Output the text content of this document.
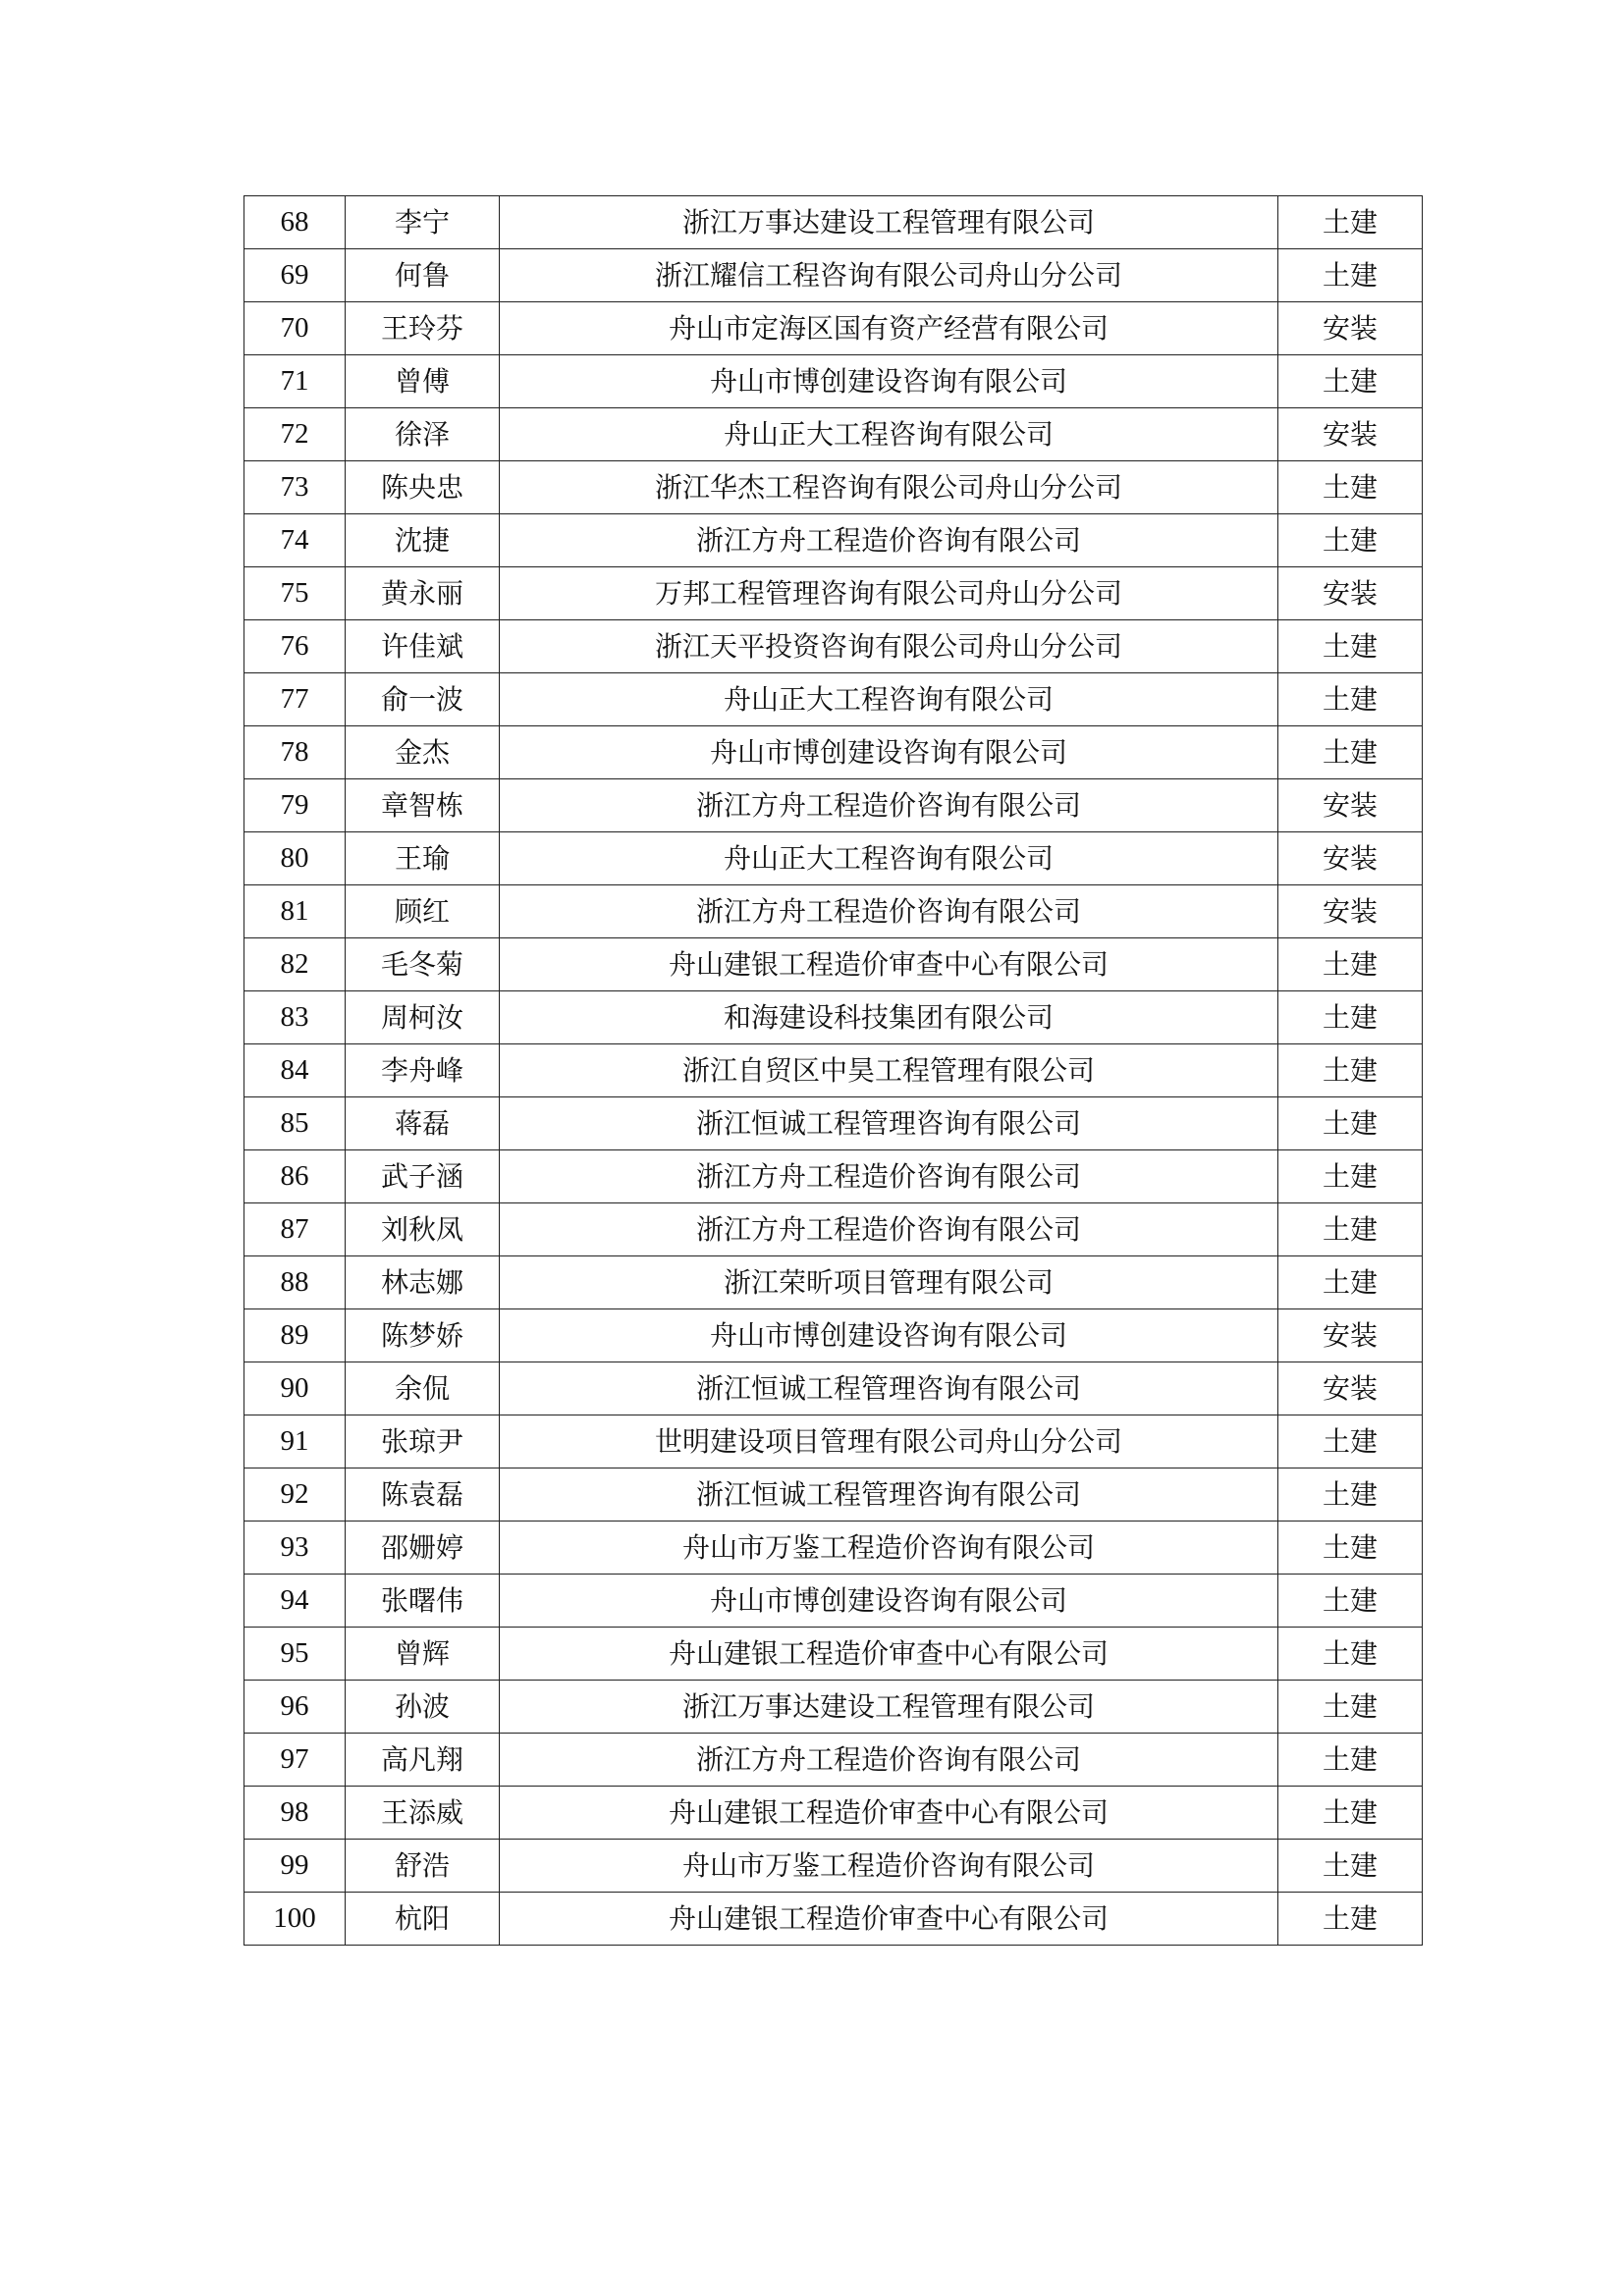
68	李宁	浙江万事达建设工程管理有限公司	土建
69	何鲁	浙江耀信工程咨询有限公司舟山分公司	土建
70	王玲芬	舟山市定海区国有资产经营有限公司	安装
71	曾傅	舟山市博创建设咨询有限公司	土建
72	徐泽	舟山正大工程咨询有限公司	安装
73	陈央忠	浙江华杰工程咨询有限公司舟山分公司	土建
74	沈捷	浙江方舟工程造价咨询有限公司	土建
75	黄永丽	万邦工程管理咨询有限公司舟山分公司	安装
76	许佳斌	浙江天平投资咨询有限公司舟山分公司	土建
77	俞一波	舟山正大工程咨询有限公司	土建
78	金杰	舟山市博创建设咨询有限公司	土建
79	章智栋	浙江方舟工程造价咨询有限公司	安装
80	王瑜	舟山正大工程咨询有限公司	安装
81	顾红	浙江方舟工程造价咨询有限公司	安装
82	毛冬菊	舟山建银工程造价审查中心有限公司	土建
83	周柯汝	和海建设科技集团有限公司	土建
84	李舟峰	浙江自贸区中昊工程管理有限公司	土建
85	蒋磊	浙江恒诚工程管理咨询有限公司	土建
86	武子涵	浙江方舟工程造价咨询有限公司	土建
87	刘秋凤	浙江方舟工程造价咨询有限公司	土建
88	林志娜	浙江荣昕项目管理有限公司	土建
89	陈梦娇	舟山市博创建设咨询有限公司	安装
90	余侃	浙江恒诚工程管理咨询有限公司	安装
91	张琼尹	世明建设项目管理有限公司舟山分公司	土建
92	陈袁磊	浙江恒诚工程管理咨询有限公司	土建
93	邵姗婷	舟山市万鉴工程造价咨询有限公司	土建
94	张曙伟	舟山市博创建设咨询有限公司	土建
95	曾辉	舟山建银工程造价审查中心有限公司	土建
96	孙波	浙江万事达建设工程管理有限公司	土建
97	高凡翔	浙江方舟工程造价咨询有限公司	土建
98	王添威	舟山建银工程造价审查中心有限公司	土建
99	舒浩	舟山市万鉴工程造价咨询有限公司	土建
100	杭阳	舟山建银工程造价审查中心有限公司	土建
